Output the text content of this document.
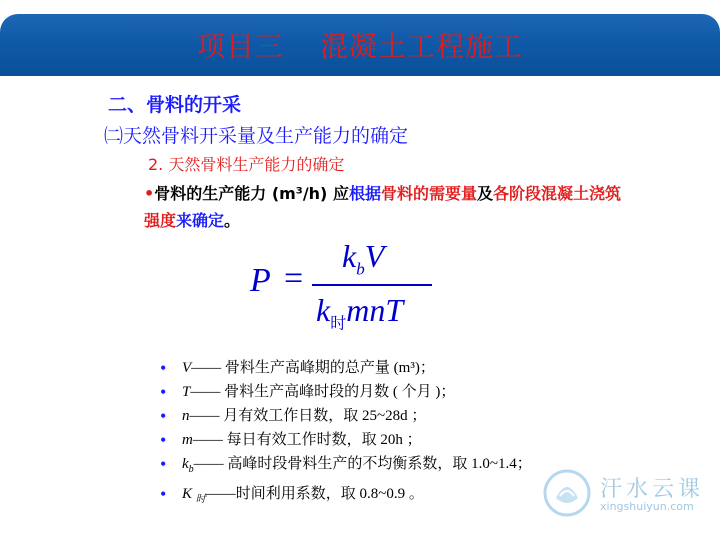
项目三 混凝土工程施工
二、骨料的开采
㈡天然骨料开采量及生产能力的确定
2. 天然骨料生产能力的确定
•骨料的生产能力 (m³/h) 应根据骨料的需要量及各阶段混凝土浇筑强度来确定。
P =
$k_bV$
$k_时mnT$
• V—— 骨料生产高峰期的总产量 (m³)；
• T—— 骨料生产高峰时段的月数 ( 个月 )；
• n—— 月有效工作日数，取 25~28d ；
• m—— 每日有效工作时数，取 20h ；
• $k_b——$ 高峰时段骨料生产的不均衡系数，取 1.0~1.4；
• K $_时$——时间利用系数，取 0.8~0.9 。	汗水云课
xingshuiyun.com
